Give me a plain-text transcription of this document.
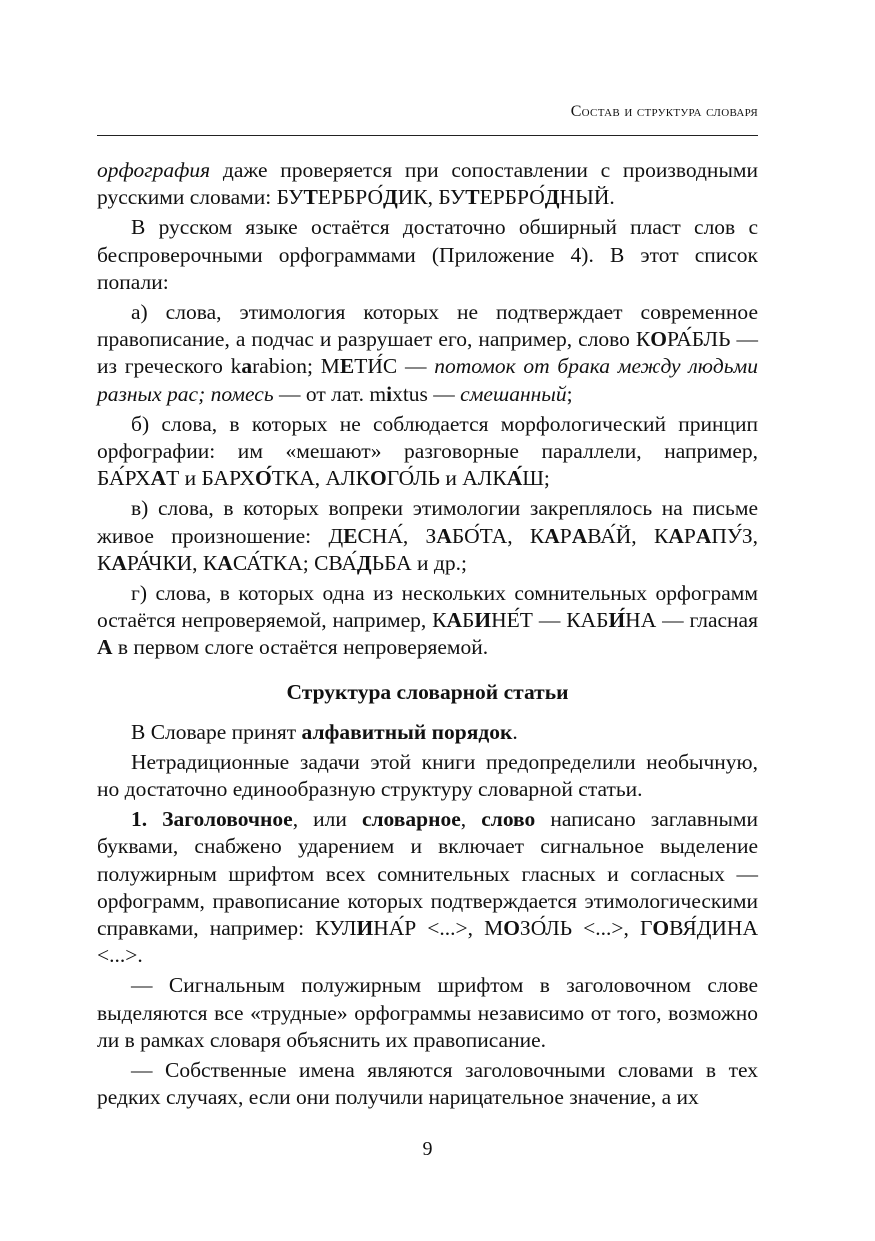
Состав и структура словаря

орфография даже проверяется при сопоставлении с производными русскими словами: БУТЕРБРО́ДИК, БУТЕРБРО́ДНЫЙ.

В русском языке остаётся достаточно обширный пласт слов с беспроверочными орфограммами (Приложение 4). В этот список попали:

а) слова, этимология которых не подтверждает современное правописание, а подчас и разрушает его, например, слово КОРА́БЛЬ — из греческого karabion; МЕТИ́С — потомок от брака между людьми разных рас; помесь — от лат. mixtus — смешанный;

б) слова, в которых не соблюдается морфологический принцип орфографии: им «мешают» разговорные параллели, например, БА́РХАТ и БАРХО́ТКА, АЛКОГО́ЛЬ и АЛКА́Ш;

в) слова, в которых вопреки этимологии закреплялось на письме живое произношение: ДЕСНА́, ЗАБО́ТА, КАРАВА́Й, КАРАПУ́З, КАРА́ЧКИ, КАСА́ТКА; СВА́ДЬБА и др.;

г) слова, в которых одна из нескольких сомнительных орфограмм остаётся непроверяемой, например, КАБИНЕ́Т — КАБИ́НА — гласная А в первом слоге остаётся непроверяемой.

Структура словарной статьи

В Словаре принят алфавитный порядок.

Нетрадиционные задачи этой книги предопределили необычную, но достаточно единообразную структуру словарной статьи.

1. Заголовочное, или словарное, слово написано заглавными буквами, снабжено ударением и включает сигнальное выделение полужирным шрифтом всех сомнительных гласных и согласных — орфограмм, правописание которых подтверждается этимологическими справками, например: КУЛИНА́Р <...>, МОЗО́ЛЬ <...>, ГОВЯ́ДИНА <...>.

— Сигнальным полужирным шрифтом в заголовочном слове выделяются все «трудные» орфограммы независимо от того, возможно ли в рамках словаря объяснить их правописание.

— Собственные имена являются заголовочными словами в тех редких случаях, если они получили нарицательное значение, а их

9
